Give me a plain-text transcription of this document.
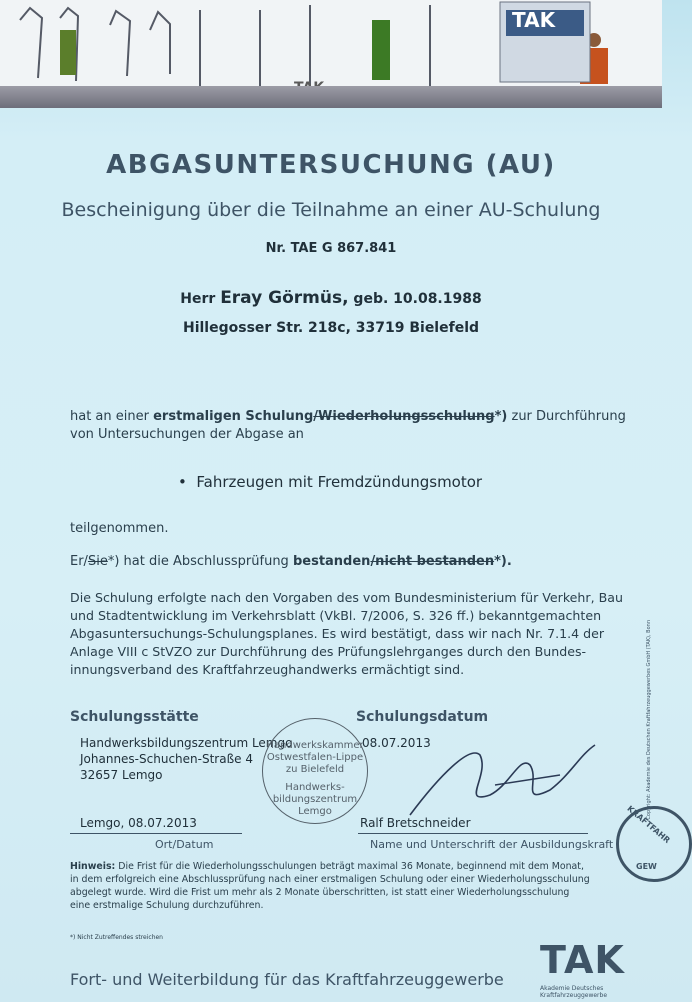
TAK
ABGASUNTERSUCHUNG (AU)
Bescheinigung über die Teilnahme an einer AU-Schulung
Nr. TAE G 867.841
Herr Eray Görmüs, geb. 10.08.1988
Hillegosser Str. 218c, 33719 Bielefeld
hat an einer erstmaligen Schulung/Wiederholungsschulung*) zur Durchführung
von Untersuchungen der Abgase an
•  Fahrzeugen mit Fremdzündungsmotor
teilgenommen.
Er/Sie*) hat die Abschlussprüfung bestanden/nicht bestanden*).
Die Schulung erfolgte nach den Vorgaben des vom Bundesministerium für Verkehr, Bau
und Stadtentwicklung im Verkehrsblatt (VkBl. 7/2006, S. 326 ff.) bekanntgemachten
Abgasuntersuchungs-Schulungsplanes. Es wird bestätigt, dass wir nach Nr. 7.1.4 der
Anlage VIII c StVZO zur Durchführung des Prüfungslehrganges durch den Bundes-
innungsverband des Kraftfahrzeughandwerks ermächtigt sind.
Schulungsstätte	Schulungsdatum
Handwerksbildungszentrum Lemgo
Johannes-Schuchen-Straße 4
32657 Lemgo
08.07.2013
Handwerkskammer
Ostwestfalen-Lippe
zu Bielefeld
Handwerks-
bildungszentrum
Lemgo
Lemgo, 08.07.2013	Ralf Bretschneider
Ort/Datum	Name und Unterschrift der Ausbildungskraft KRAFTFAHR
GEW
Copyright: Akademie des Deutschen Kraftfahrzeuggewerbes GmbH (TAK), Bonn
Hinweis: Die Frist für die Wiederholungsschulungen beträgt maximal 36 Monate, beginnend mit dem Monat,
in dem erfolgreich eine Abschlussprüfung nach einer erstmaligen Schulung oder einer Wiederholungsschulung
abgelegt wurde. Wird die Frist um mehr als 2 Monate überschritten, ist statt einer Wiederholungsschulung
eine erstmalige Schulung durchzuführen.
*) Nicht Zutreffendes streichen
Fort- und Weiterbildung für das Kraftfahrzeuggewerbe TAK
Akademie Deutsches Kraftfahrzeuggewerbe
